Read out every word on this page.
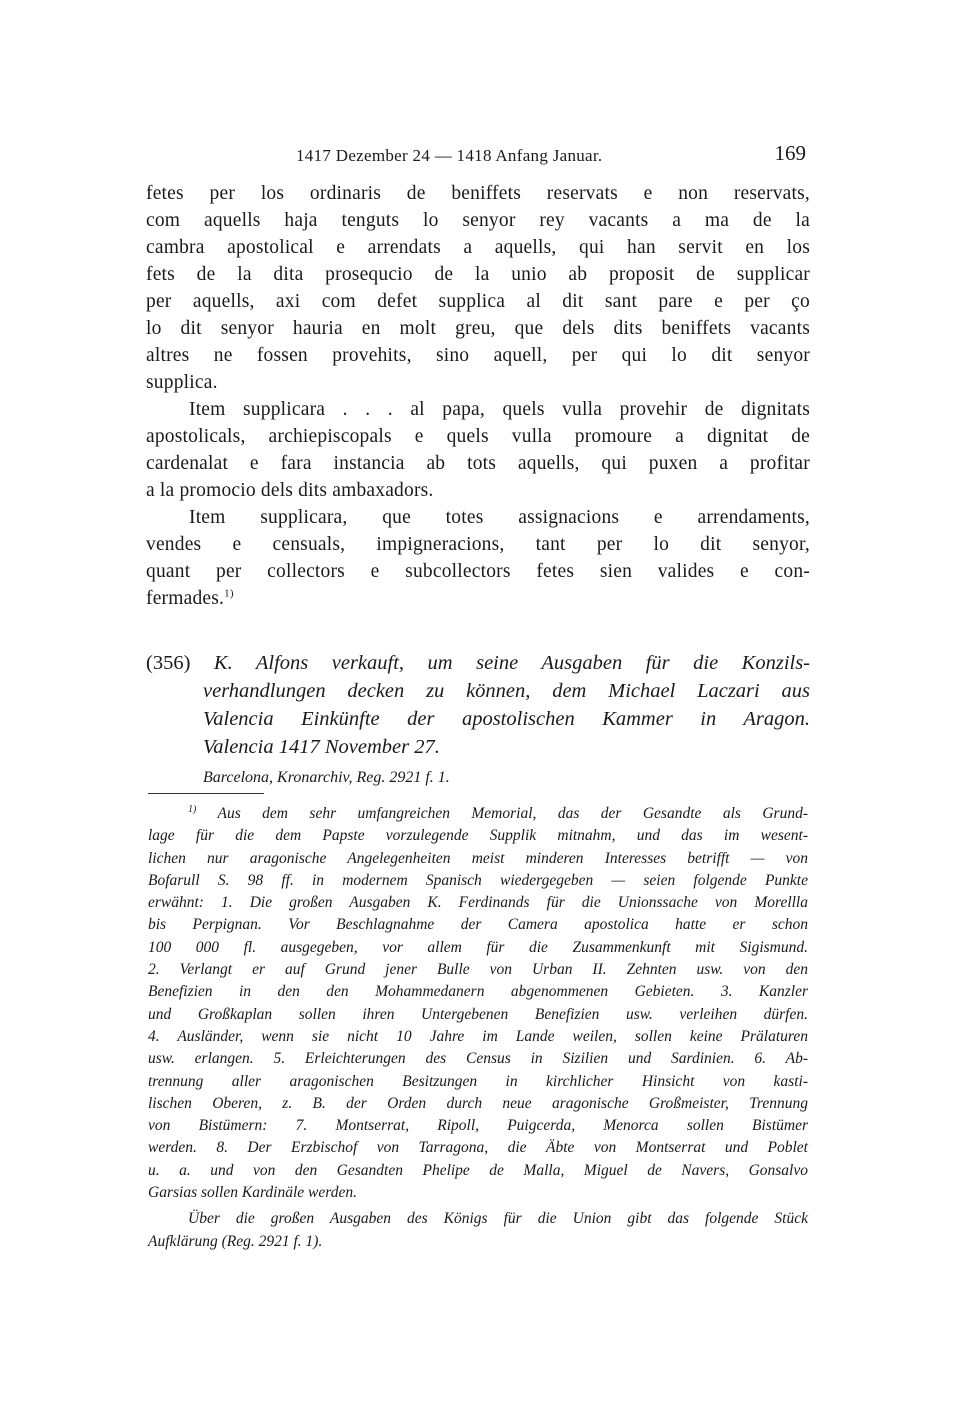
1417 Dezember 24 — 1418 Anfang Januar.	169
fetes per los ordinaris de beniffets reservats e non reservats,
com aquells haja tenguts lo senyor rey vacants a ma de la
cambra apostolical e arrendats a aquells, qui han servit en los
fets de la dita prosequcio de la unio ab proposit de supplicar
per aquells, axi com defet supplica al dit sant pare e per ço
lo dit senyor hauria en molt greu, que dels dits beniffets vacants
altres ne fossen provehits, sino aquell, per qui lo dit senyor
supplica.
Item supplicara . . . al papa, quels vulla provehir de dignitats
apostolicals, archiepiscopals e quels vulla promoure a dignitat de
cardenalat e fara instancia ab tots aquells, qui puxen a profitar
a la promocio dels dits ambaxadors.
Item supplicara, que totes assignacions e arrendaments,
vendes e censuals, impigneracions, tant per lo dit senyor,
quant per collectors e subcollectors fetes sien valides e con-
fermades.$^{1)}$
(356) K. Alfons verkauft, um seine Ausgaben für die Konzils-
verhandlungen decken zu können, dem Michael Laczari aus
Valencia Einkünfte der apostolischen Kammer in Aragon.
Valencia 1417 November 27.
Barcelona, Kronarchiv, Reg. 2921 f. 1.
$^{1)}$ Aus dem sehr umfangreichen Memorial, das der Gesandte als Grund-
lage für die dem Papste vorzulegende Supplik mitnahm, und das im wesent-
lichen nur aragonische Angelegenheiten meist minderen Interesses betrifft — von
Bofarull S. 98 ff. in modernem Spanisch wiedergegeben — seien folgende Punkte
erwähnt: 1. Die großen Ausgaben K. Ferdinands für die Unionssache von Morellla
bis Perpignan. Vor Beschlagnahme der Camera apostolica hatte er schon
100 000 fl. ausgegeben, vor allem für die Zusammenkunft mit Sigismund.
2. Verlangt er auf Grund jener Bulle von Urban II. Zehnten usw. von den
Benefizien in den den Mohammedanern abgenommenen Gebieten. 3. Kanzler
und Großkaplan sollen ihren Untergebenen Benefizien usw. verleihen dürfen.
4. Ausländer, wenn sie nicht 10 Jahre im Lande weilen, sollen keine Prälaturen
usw. erlangen. 5. Erleichterungen des Census in Sizilien und Sardinien. 6. Ab-
trennung aller aragonischen Besitzungen in kirchlicher Hinsicht von kasti-
lischen Oberen, z. B. der Orden durch neue aragonische Großmeister, Trennung
von Bistümern: 7. Montserrat, Ripoll, Puigcerda, Menorca sollen Bistümer
werden. 8. Der Erzbischof von Tarragona, die Äbte von Montserrat und Poblet
u. a. und von den Gesandten Phelipe de Malla, Miguel de Navers, Gonsalvo
Garsias sollen Kardinäle werden.
Über die großen Ausgaben des Königs für die Union gibt das folgende Stück
Aufklärung (Reg. 2921 f. 1).
